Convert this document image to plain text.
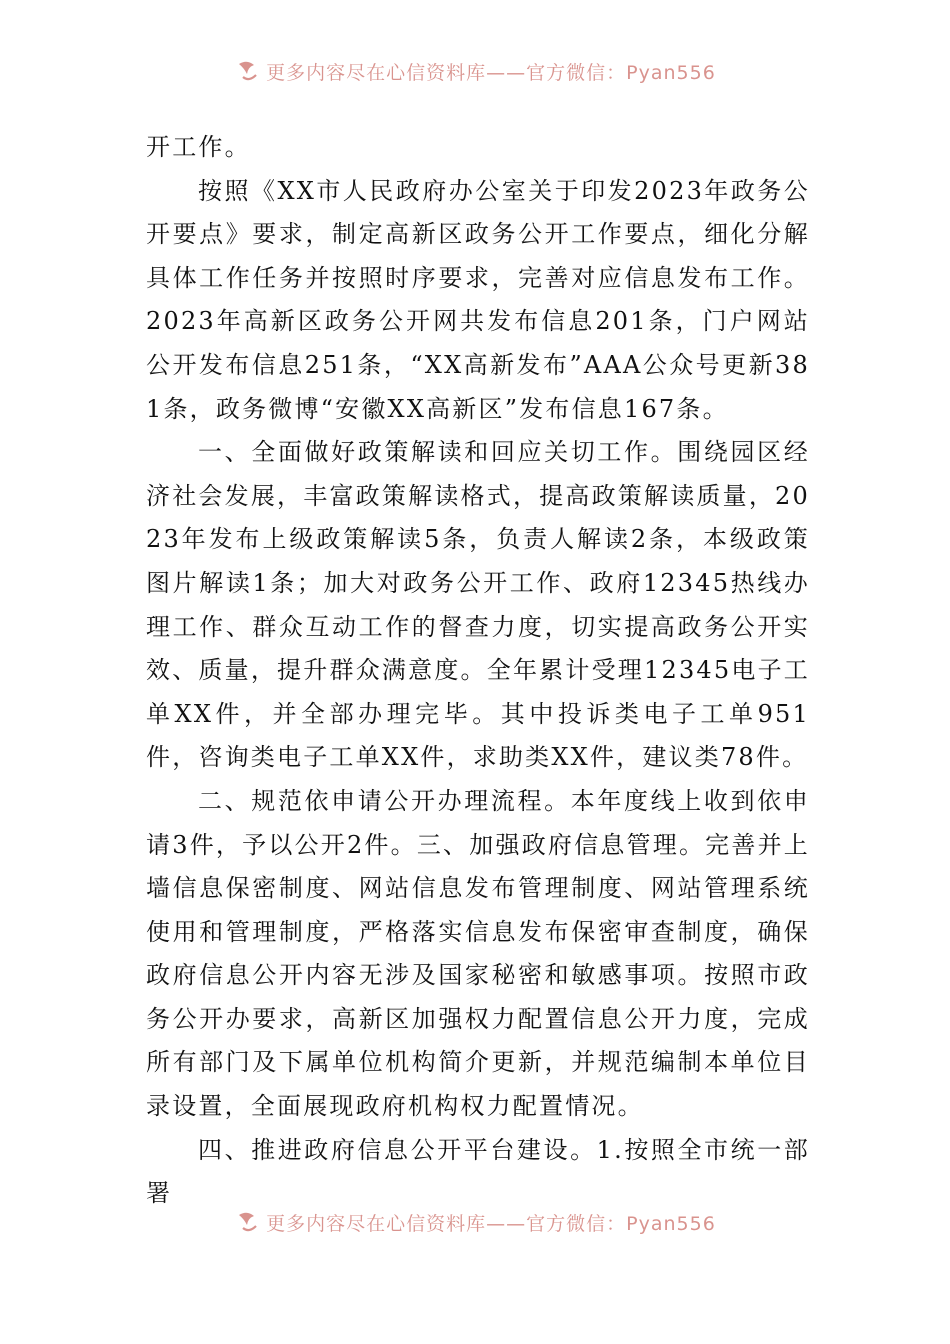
更多内容尽在心信资料库——官方微信：Pyan556

开工作。

按照《XX市人民政府办公室关于印发2023年政务公开要点》要求，制定高新区政务公开工作要点，细化分解具体工作任务并按照时序要求，完善对应信息发布工作。2023年高新区政务公开网共发布信息201条，门户网站公开发布信息251条，“XX高新发布”AAA公众号更新381条，政务微博“安徽XX高新区”发布信息167条。

一、全面做好政策解读和回应关切工作。围绕园区经济社会发展，丰富政策解读格式，提高政策解读质量，2023年发布上级政策解读5条，负责人解读2条，本级政策图片解读1条；加大对政务公开工作、政府12345热线办理工作、群众互动工作的督查力度，切实提高政务公开实效、质量，提升群众满意度。全年累计受理12345电子工单XX件，并全部办理完毕。其中投诉类电子工单951件，咨询类电子工单XX件，求助类XX件，建议类78件。

二、规范依申请公开办理流程。本年度线上收到依申请3件，予以公开2件。三、加强政府信息管理。完善并上墙信息保密制度、网站信息发布管理制度、网站管理系统使用和管理制度，严格落实信息发布保密审查制度，确保政府信息公开内容无涉及国家秘密和敏感事项。按照市政务公开办要求，高新区加强权力配置信息公开力度，完成所有部门及下属单位机构简介更新，并规范编制本单位目录设置，全面展现政府机构权力配置情况。

四、推进政府信息公开平台建设。1.按照全市统一部署

更多内容尽在心信资料库——官方微信：Pyan556
